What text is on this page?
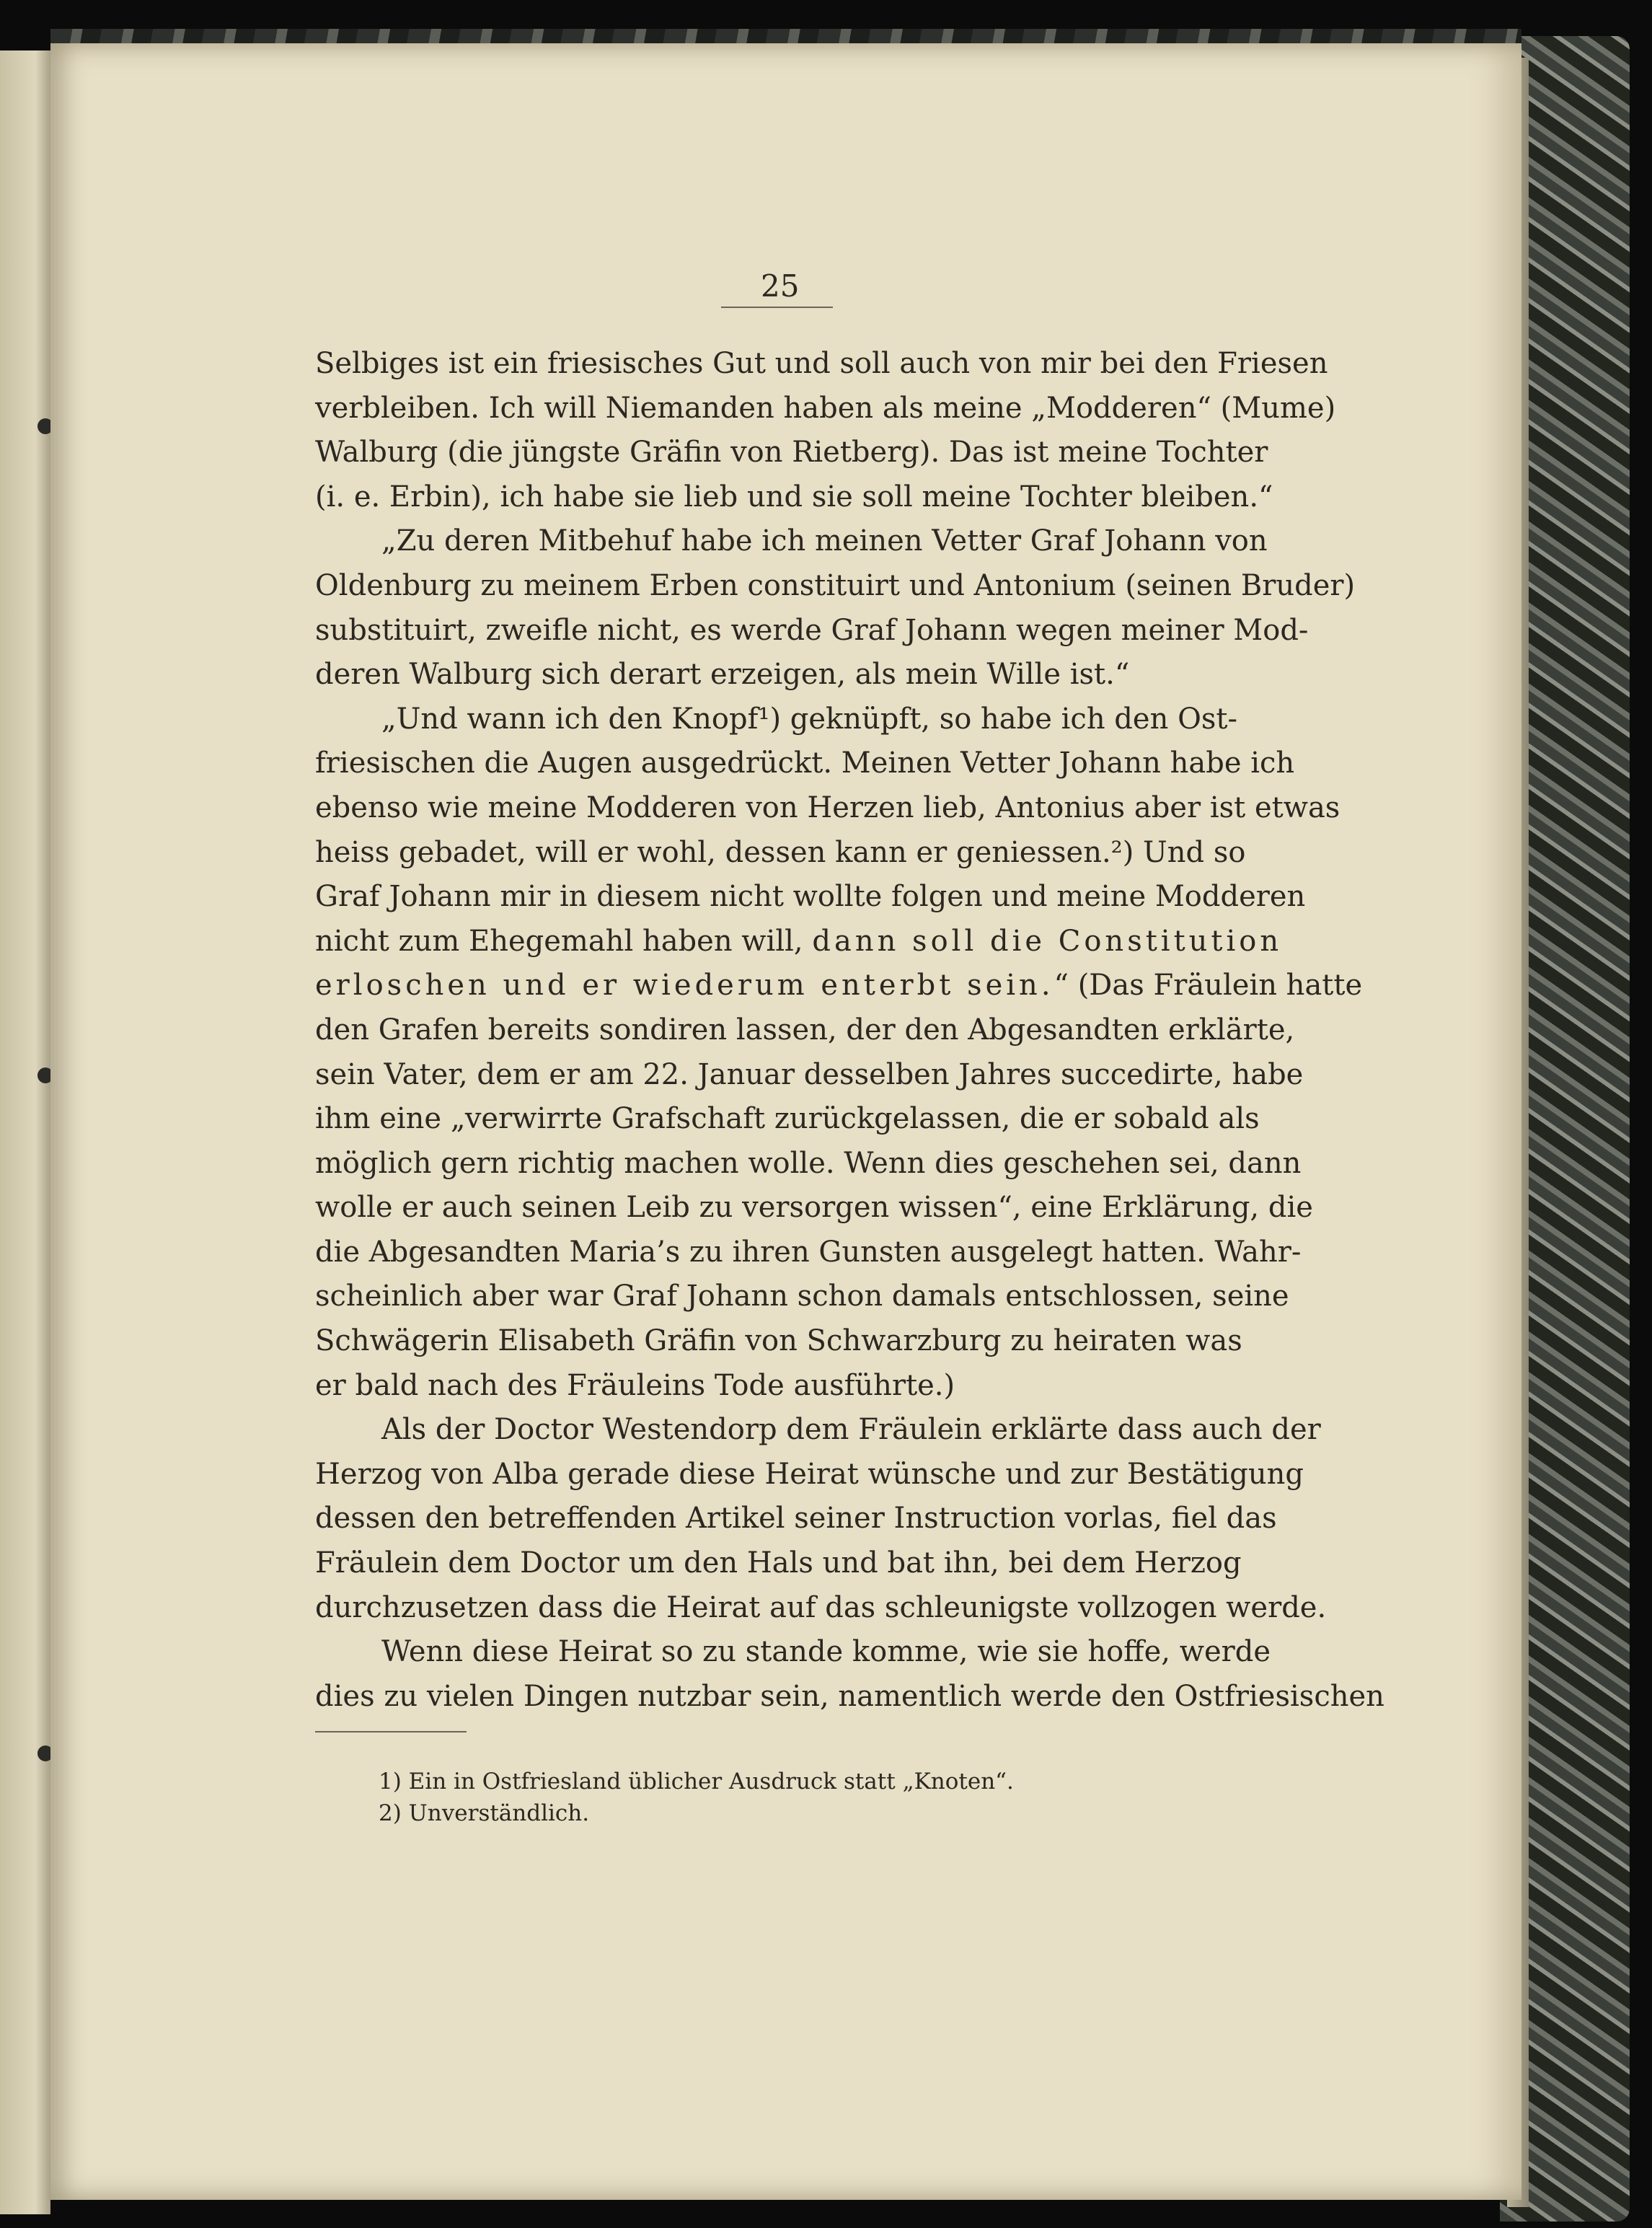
25
Selbiges ist ein friesisches Gut und soll auch von mir bei den Friesen
verbleiben. Ich will Niemanden haben als meine „Modderen“ (Mume)
Walburg (die jüngste Gräfin von Rietberg). Das ist meine Tochter
(i. e. Erbin), ich habe sie lieb und sie soll meine Tochter bleiben.“
„Zu deren Mitbehuf habe ich meinen Vetter Graf Johann von
Oldenburg zu meinem Erben constituirt und Antonium (seinen Bruder)
substituirt, zweifle nicht, es werde Graf Johann wegen meiner Mod-
deren Walburg sich derart erzeigen, als mein Wille ist.“
„Und wann ich den Knopf¹) geknüpft, so habe ich den Ost-
friesischen die Augen ausgedrückt. Meinen Vetter Johann habe ich
ebenso wie meine Modderen von Herzen lieb, Antonius aber ist etwas
heiss gebadet, will er wohl, dessen kann er geniessen.²) Und so
Graf Johann mir in diesem nicht wollte folgen und meine Modderen
nicht zum Ehegemahl haben will, dann soll die Constitution
erloschen und er wiederum enterbt sein.“ (Das Fräulein hatte
den Grafen bereits sondiren lassen, der den Abgesandten erklärte,
sein Vater, dem er am 22. Januar desselben Jahres succedirte, habe
ihm eine „verwirrte Grafschaft zurückgelassen, die er sobald als
möglich gern richtig machen wolle. Wenn dies geschehen sei, dann
wolle er auch seinen Leib zu versorgen wissen“, eine Erklärung, die
die Abgesandten Maria’s zu ihren Gunsten ausgelegt hatten. Wahr-
scheinlich aber war Graf Johann schon damals entschlossen, seine
Schwägerin Elisabeth Gräfin von Schwarzburg zu heiraten was
er bald nach des Fräuleins Tode ausführte.)
Als der Doctor Westendorp dem Fräulein erklärte dass auch der
Herzog von Alba gerade diese Heirat wünsche und zur Bestätigung
dessen den betreffenden Artikel seiner Instruction vorlas, fiel das
Fräulein dem Doctor um den Hals und bat ihn, bei dem Herzog
durchzusetzen dass die Heirat auf das schleunigste vollzogen werde.
Wenn diese Heirat so zu stande komme, wie sie hoffe, werde
dies zu vielen Dingen nutzbar sein, namentlich werde den Ostfriesischen
1) Ein in Ostfriesland üblicher Ausdruck statt „Knoten“.
2) Unverständlich.
